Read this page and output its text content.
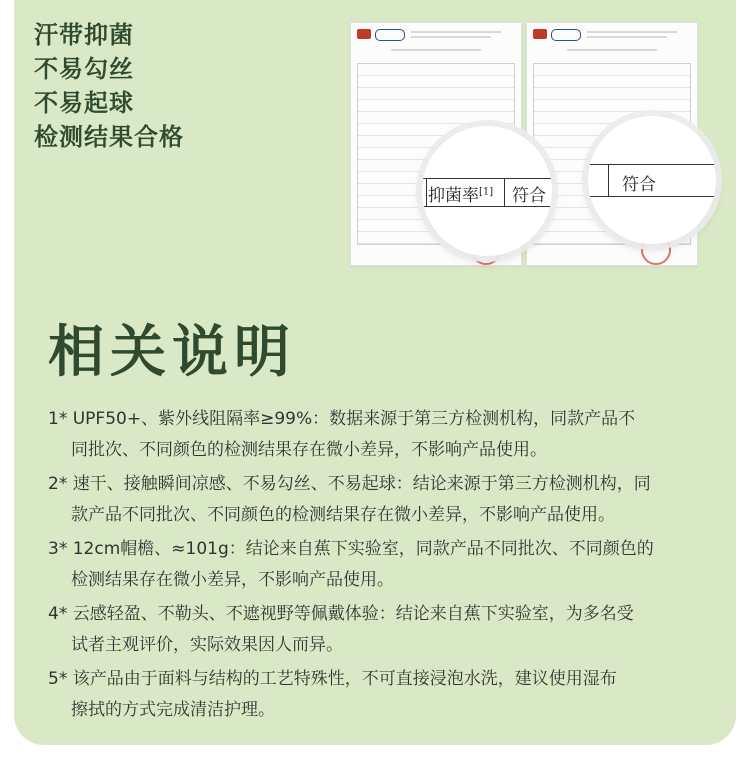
汗带抑菌
不易勾丝
不易起球
检测结果合格
抑菌率[1] 符合
符合
相关说明
1* UPF50+、紫外线阻隔率≥99%：数据来源于第三方检测机构，同款产品不
同批次、不同颜色的检测结果存在微小差异，不影响产品使用。
2* 速干、接触瞬间凉感、不易勾丝、不易起球：结论来源于第三方检测机构，同
款产品不同批次、不同颜色的检测结果存在微小差异，不影响产品使用。
3* 12cm帽檐、≈101g：结论来自蕉下实验室，同款产品不同批次、不同颜色的
检测结果存在微小差异，不影响产品使用。
4* 云感轻盈、不勒头、不遮视野等佩戴体验：结论来自蕉下实验室，为多名受
试者主观评价，实际效果因人而异。
5* 该产品由于面料与结构的工艺特殊性，不可直接浸泡水洗，建议使用湿布
擦拭的方式完成清洁护理。
